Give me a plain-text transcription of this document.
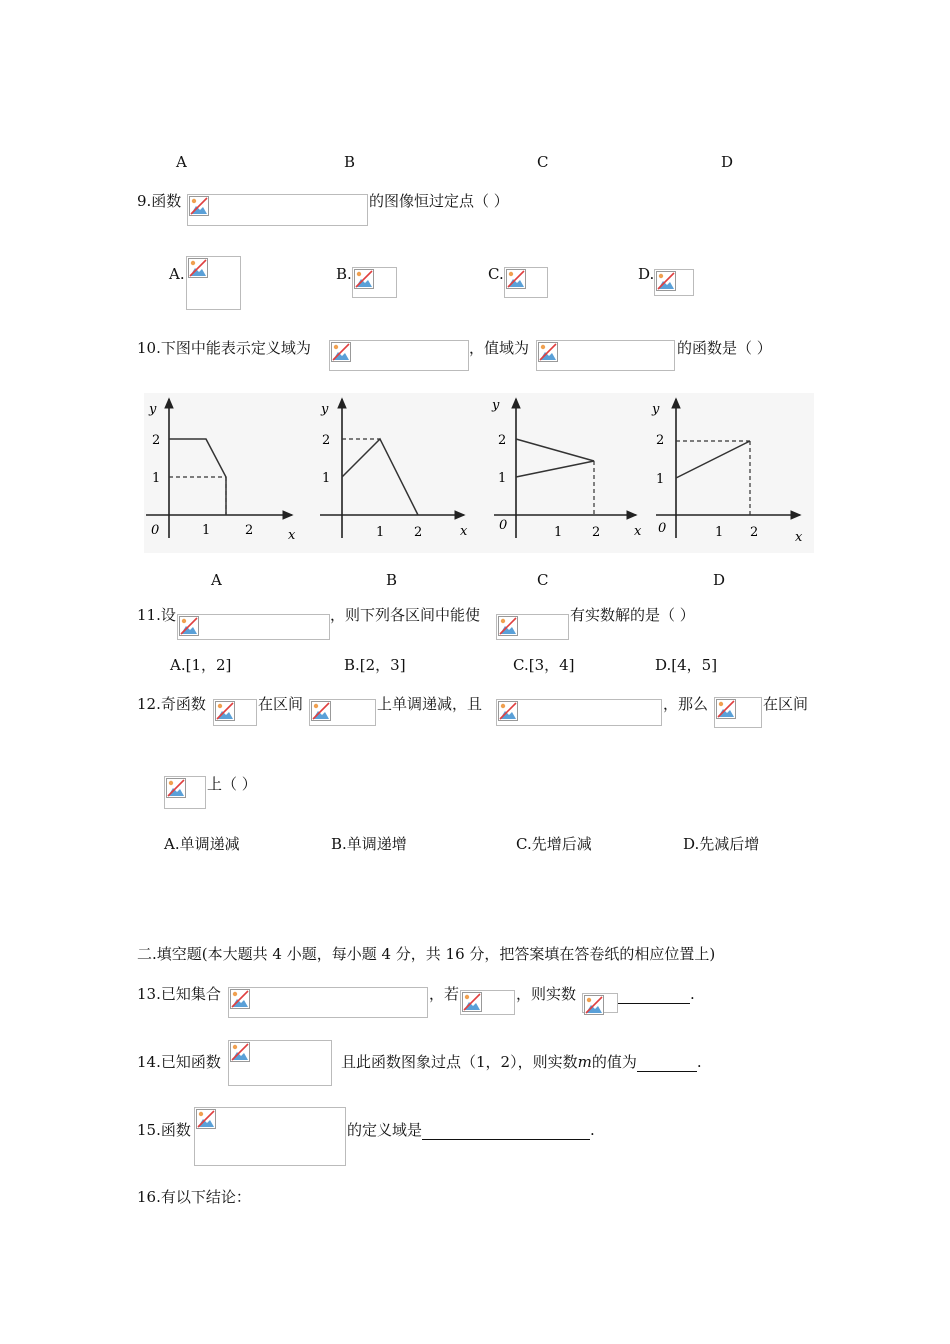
A	B	C	D
9.函数	的图像恒过定点（ ）
A.	B.	C.	D.
10.下图中能表示定义域为	，值域为	的函数是（ ）
y
2
1
0	1	2	x
y
2
1
1 2	x
y
2
1
0	1 2	x
y
2
1
0	1 2	x
A	B	C	D
11.设	，则下列各区间中能使	有实数解的是（ ）
A.[1，2]	B.[2，3]	C.[3，4]	D.[4，5]
12.奇函数	在区间	上单调递减，且	，那么	在区间
上（ ）
A.单调递减	B.单调递增	C.先增后减	D.先减后增
二.填空题(本大题共 4 小题，每小题 4 分，共 16 分，把答案填在答卷纸的相应位置上)
13.已知集合	，若	，则实数	.
14.已知函数	且此函数图象过点（1，2），则实数m的值为	.
15.函数	的定义域是	.
16.有以下结论：
